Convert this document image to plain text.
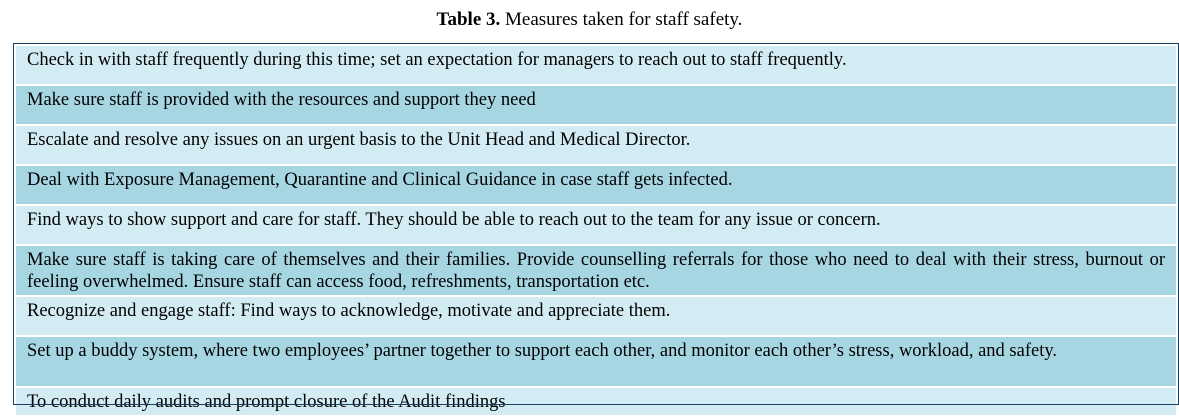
Table 3. Measures taken for staff safety.
Check in with staff frequently during this time; set an expectation for managers to reach out to staff frequently.
Make sure staff is provided with the resources and support they need
Escalate and resolve any issues on an urgent basis to the Unit Head and Medical Director.
Deal with Exposure Management, Quarantine and Clinical Guidance in case staff gets infected.
Find ways to show support and care for staff. They should be able to reach out to the team for any issue or concern.
Make sure staff is taking care of themselves and their families. Provide counselling referrals for those who need to deal with their stress, burnout or feeling overwhelmed. Ensure staff can access food, refreshments, transportation etc.
Recognize and engage staff: Find ways to acknowledge, motivate and appreciate them.
Set up a buddy system, where two employees’ partner together to support each other, and monitor each other’s stress, workload, and safety.
To conduct daily audits and prompt closure of the Audit findings
